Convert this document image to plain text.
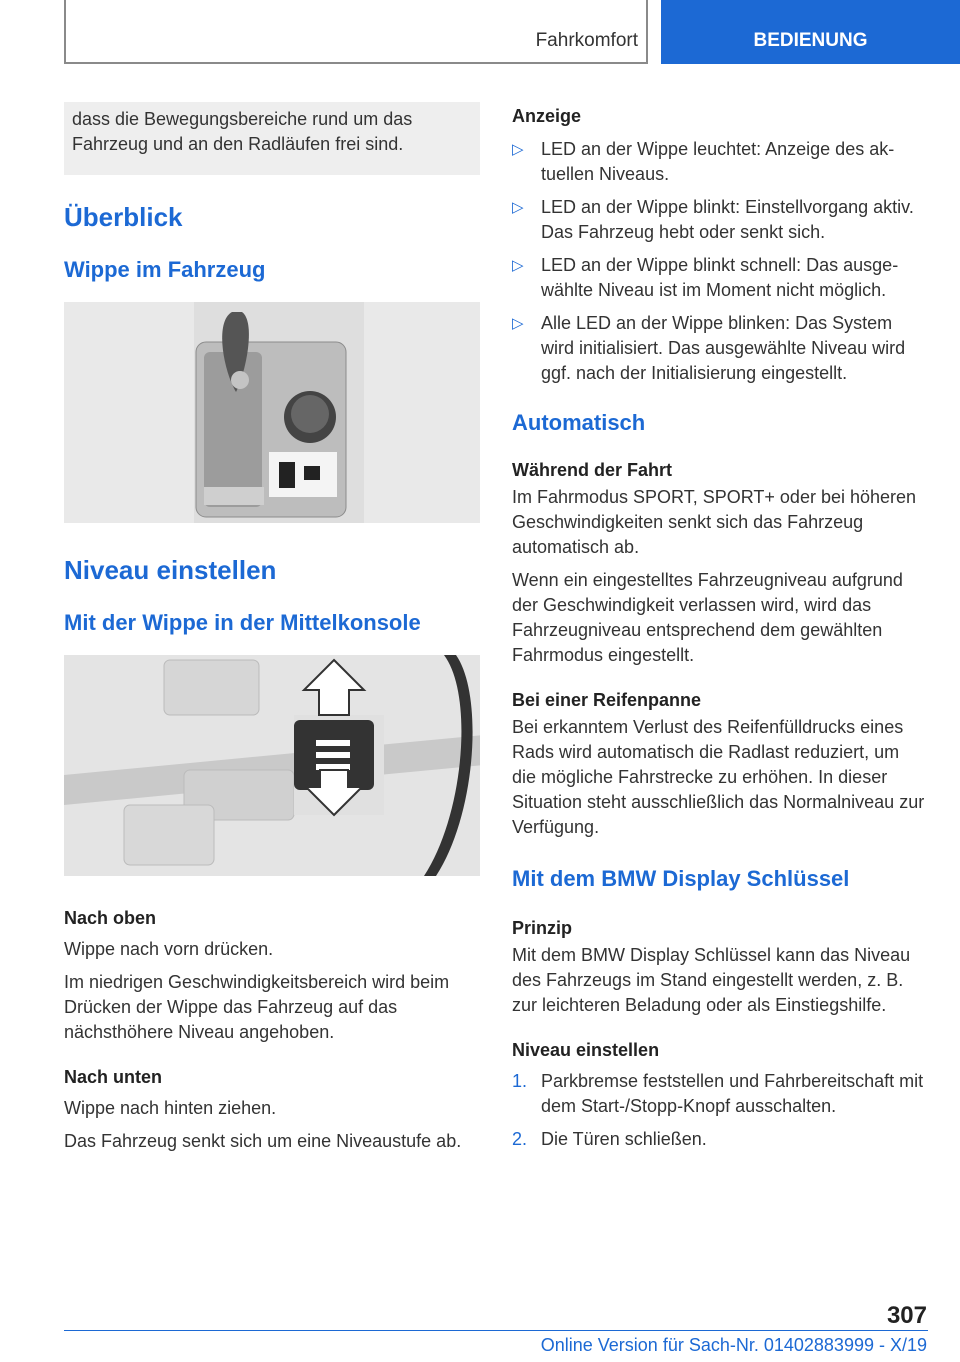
Fahrkomfort	BEDIENUNG

dass die Bewegungsbereiche rund um das Fahrzeug und an den Radläufen frei sind.

Überblick
Wippe im Fahrzeug
Niveau einstellen
Mit der Wippe in der Mittelkonsole
Nach oben

Wippe nach vorn drücken.

Im niedrigen Geschwindigkeitsbereich wird beim Drücken der Wippe das Fahrzeug auf das nächsthöhere Niveau angehoben.

Nach unten

Wippe nach hinten ziehen.

Das Fahrzeug senkt sich um eine Niveaustufe ab.

Anzeige
▷ LED an der Wippe leuchtet: Anzeige des aktuellen Niveaus.
▷ LED an der Wippe blinkt: Einstellvorgang aktiv. Das Fahrzeug hebt oder senkt sich.
▷ LED an der Wippe blinkt schnell: Das ausgewählte Niveau ist im Moment nicht möglich.
▷ Alle LED an der Wippe blinken: Das System wird initialisiert. Das ausgewählte Niveau wird ggf. nach der Initialisierung eingestellt.
Automatisch
Während der Fahrt

Im Fahrmodus SPORT, SPORT+ oder bei höheren Geschwindigkeiten senkt sich das Fahrzeug automatisch ab.

Wenn ein eingestelltes Fahrzeugniveau aufgrund der Geschwindigkeit verlassen wird, wird das Fahrzeugniveau entsprechend dem gewählten Fahrmodus eingestellt.

Bei einer Reifenpanne

Bei erkanntem Verlust des Reifenfülldrucks eines Rads wird automatisch die Radlast reduziert, um die mögliche Fahrstrecke zu erhöhen. In dieser Situation steht ausschließlich das Normalniveau zur Verfügung.

Mit dem BMW Display Schlüssel
Prinzip

Mit dem BMW Display Schlüssel kann das Niveau des Fahrzeugs im Stand eingestellt werden, z. B. zur leichteren Beladung oder als Einstiegshilfe.

Niveau einstellen
1. Parkbremse feststellen und Fahrbereitschaft mit dem Start-/Stopp-Knopf ausschalten.
2. Die Türen schließen.
307
Online Version für Sach-Nr. 01402883999 - X/19
